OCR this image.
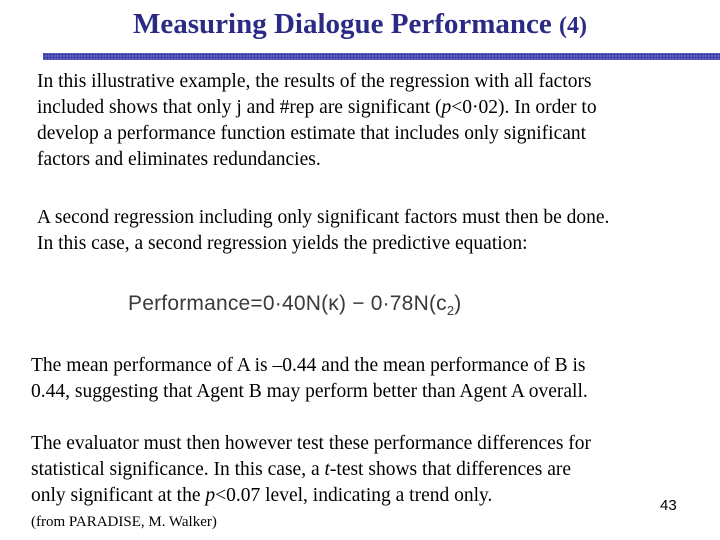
Measuring Dialogue Performance (4)

In this illustrative example, the results of the regression with all factors
included shows that only j and #rep are significant (p<0·02). In order to
develop a performance function estimate that includes only significant
factors and eliminates redundancies.

A second regression including only significant factors must then be done.
In this case, a second regression yields the predictive equation:

Performance=0·40N(κ) − $0\cdot 78N(c_2)$

The mean performance of A is –0.44 and the mean performance of B is
0.44, suggesting that Agent B may perform better than Agent A overall.

The evaluator must then however test these performance differences for
statistical significance. In this case, a t-test shows that differences are
only significant at the p<0.07 level, indicating a trend only.	43
(from PARADISE, M. Walker)
